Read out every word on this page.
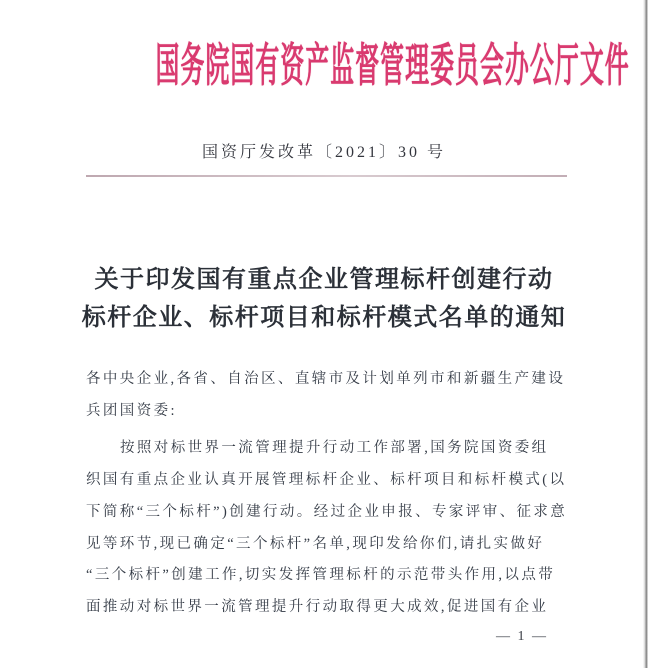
国务院国有资产监督管理委员会办公厅文件
国资厅发改革〔2021〕30 号
关于印发国有重点企业管理标杆创建行动
标杆企业、标杆项目和标杆模式名单的通知
各中央企业,各省、自治区、直辖市及计划单列市和新疆生产建设
兵团国资委:
按照对标世界一流管理提升行动工作部署,国务院国资委组
织国有重点企业认真开展管理标杆企业、标杆项目和标杆模式(以
下简称“三个标杆”)创建行动。经过企业申报、专家评审、征求意
见等环节,现已确定“三个标杆”名单,现印发给你们,请扎实做好
“三个标杆”创建工作,切实发挥管理标杆的示范带头作用,以点带
面推动对标世界一流管理提升行动取得更大成效,促进国有企业
— 1 —
